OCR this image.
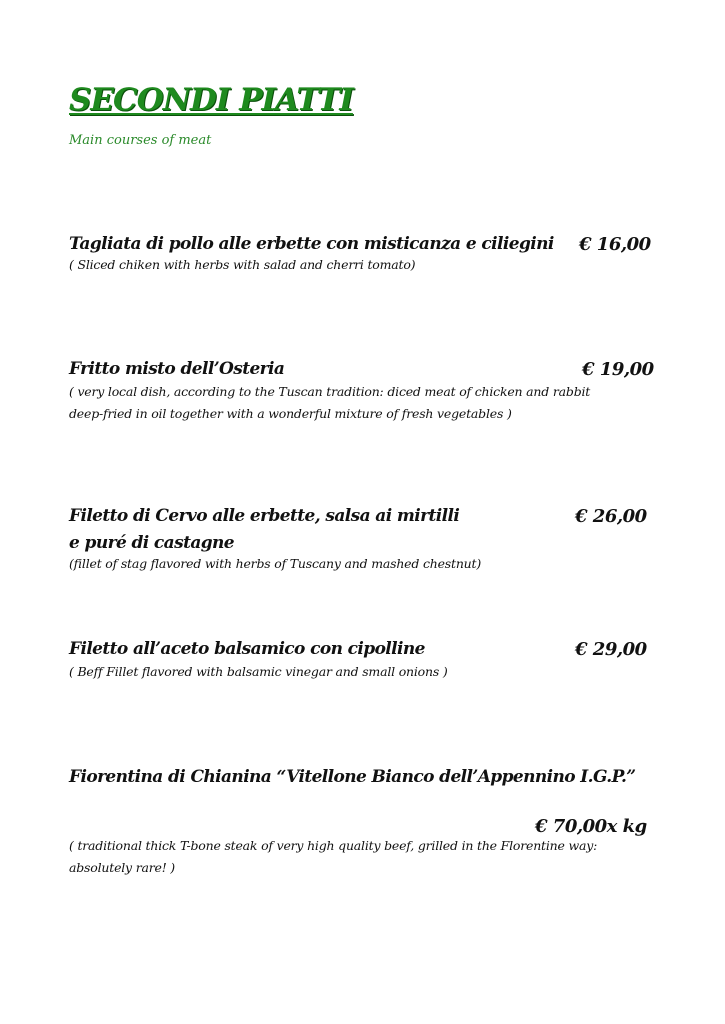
SECONDI PIATTI
Main courses of meat
Tagliata di pollo alle erbette con misticanza e ciliegini	€ 16,00
( Sliced chiken with herbs with salad and cherri tomato)
Fritto misto dell’Osteria	€ 19,00
( very local dish, according to the Tuscan tradition: diced meat of chicken and rabbit
deep-fried in oil together with a wonderful mixture of fresh vegetables )
Filetto di Cervo alle erbette, salsa ai mirtilli
e puré di castagne
€ 26,00
(fillet of stag flavored with herbs of Tuscany and mashed chestnut)
Filetto all’aceto balsamico con cipolline	€ 29,00
( Beff Fillet flavored with balsamic vinegar and small onions )
Fiorentina di Chianina “Vitellone Bianco dell’Appennino I.G.P.”
€ 70,00x kg
( traditional thick T-bone steak of very high quality beef, grilled in the Florentine way:
absolutely rare! )
